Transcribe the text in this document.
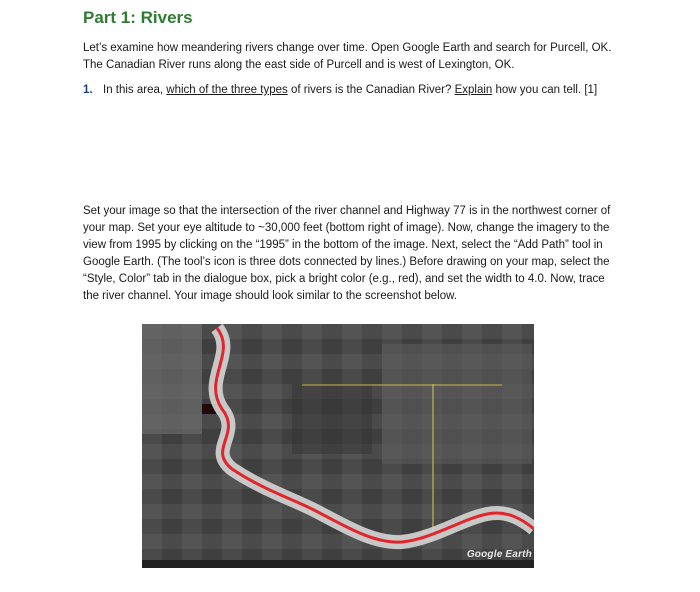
Part 1: Rivers

Let’s examine how meandering rivers change over time. Open Google Earth and search for Purcell, OK. The Canadian River runs along the east side of Purcell and is west of Lexington, OK.

1. In this area, which of the three types of rivers is the Canadian River? Explain how you can tell. [1]

Set your image so that the intersection of the river channel and Highway 77 is in the northwest corner of your map. Set your eye altitude to ~30,000 feet (bottom right of image). Now, change the imagery to the view from 1995 by clicking on the “1995” in the bottom of the image. Next, select the “Add Path” tool in Google Earth. (The tool’s icon is three dots connected by lines.) Before drawing on your map, select the “Style, Color” tab in the dialogue box, pick a bright color (e.g., red), and set the width to 4.0. Now, trace the river channel. Your image should look similar to the screenshot below.

Google Earth
